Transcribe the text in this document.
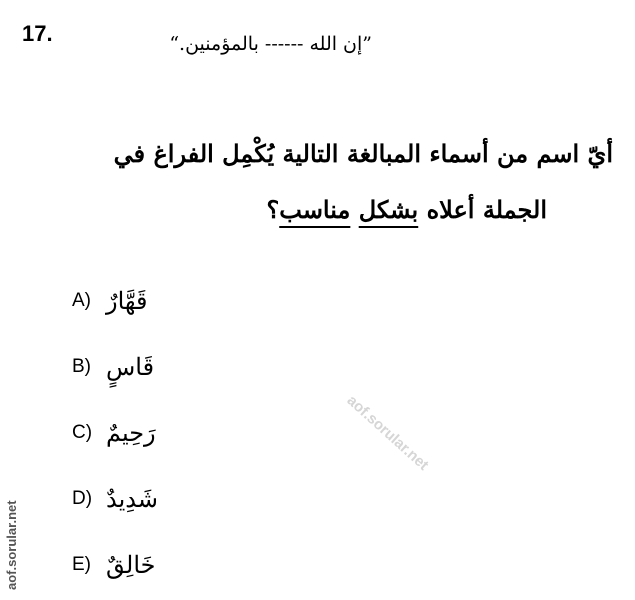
17.	”إن الله ------ بالمؤمنين.“
أيّ اسم من أسماء المبالغة التالية يُكْمِل الفراغ في
الجملة أعلاه بشكل مناسب؟
A) قَهَّارٌ
B) قَاسٍ
C) رَحِيمٌ
D) شَدِيدٌ
E) خَالِقٌ
aof.sorular.net
aof.sorular.net
